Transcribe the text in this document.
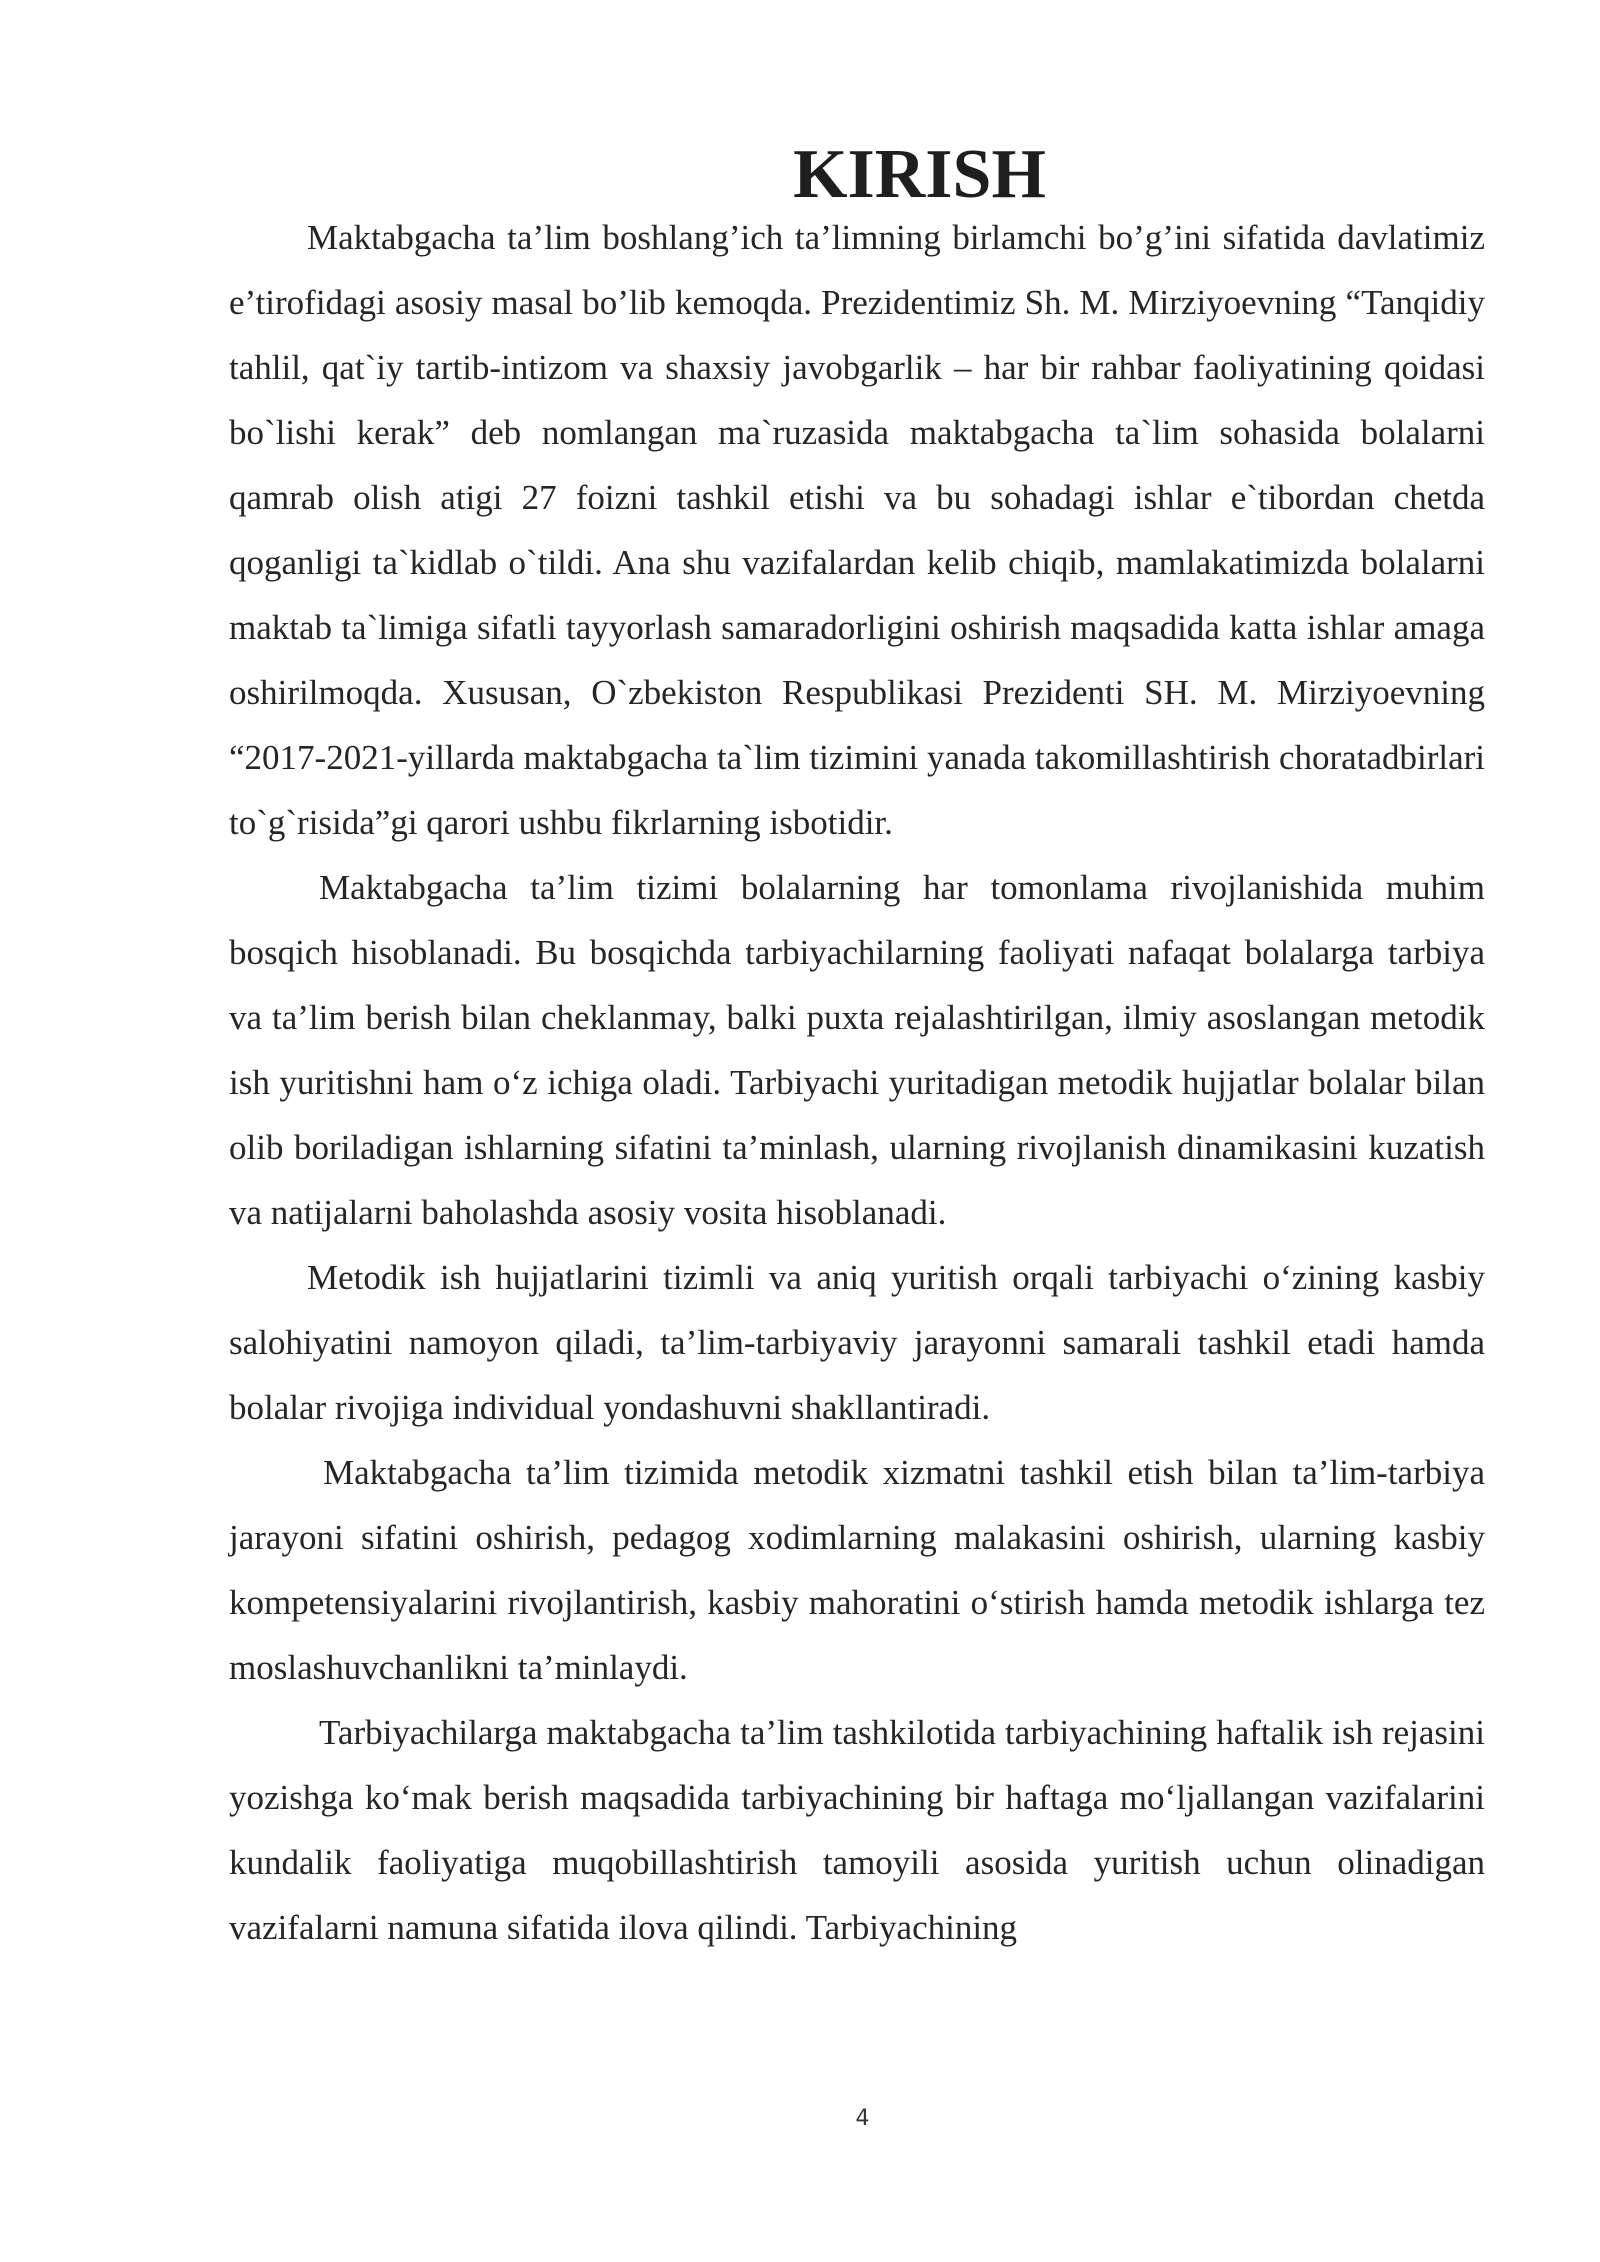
KIRISH

Maktabgacha ta’lim boshlang’ich ta’limning birlamchi bo’g’ini sifatida davlatimiz e’tirofidagi asosiy masal bo’lib kemoqda. Prezidentimiz Sh. M. Mirziyoevning “Tanqidiy tahlil, qat`iy tartib-intizom va shaxsiy javobgarlik – har bir rahbar faoliyatining qoidasi bo`lishi kerak” deb nomlangan ma`ruzasida maktabgacha ta`lim sohasida bolalarni qamrab olish atigi 27 foizni tashkil etishi va bu sohadagi ishlar e`tibordan chetda qoganligi ta`kidlab o`tildi. Ana shu vazifalardan kelib chiqib, mamlakatimizda bolalarni maktab ta`limiga sifatli tayyorlash samaradorligini oshirish maqsadida katta ishlar amaga oshirilmoqda. Xususan, O`zbekiston Respublikasi Prezidenti SH. M. Mirziyoevning “2017-2021-yillarda maktabgacha ta`lim tizimini yanada takomillashtirish choratadbirlari to`g`risida”gi qarori ushbu fikrlarning isbotidir.

Maktabgacha ta’lim tizimi bolalarning har tomonlama rivojlanishida muhim bosqich hisoblanadi. Bu bosqichda tarbiyachilarning faoliyati nafaqat bolalarga tarbiya va ta’lim berish bilan cheklanmay, balki puxta rejalashtirilgan, ilmiy asoslangan metodik ish yuritishni ham o‘z ichiga oladi. Tarbiyachi yuritadigan metodik hujjatlar bolalar bilan olib boriladigan ishlarning sifatini ta’minlash, ularning rivojlanish dinamikasini kuzatish va natijalarni baholashda asosiy vosita hisoblanadi.

Metodik ish hujjatlarini tizimli va aniq yuritish orqali tarbiyachi o‘zining kasbiy salohiyatini namoyon qiladi, ta’lim-tarbiyaviy jarayonni samarali tashkil etadi hamda bolalar rivojiga individual yondashuvni shakllantiradi.

Maktabgacha ta’lim tizimida metodik xizmatni tashkil etish bilan ta’lim-tarbiya jarayoni sifatini oshirish, pedagog xodimlarning malakasini oshirish, ularning kasbiy kompetensiyalarini rivojlantirish, kasbiy mahoratini o‘stirish hamda metodik ishlarga tez moslashuvchanlikni ta’minlaydi.

Tarbiyachilarga maktabgacha ta’lim tashkilotida tarbiyachining haftalik ish rejasini yozishga ko‘mak berish maqsadida tarbiyachining bir haftaga mo‘ljallangan vazifalarini kundalik faoliyatiga muqobillashtirish tamoyili asosida yuritish uchun olinadigan vazifalarni namuna sifatida ilova qilindi. Tarbiyachining

4
